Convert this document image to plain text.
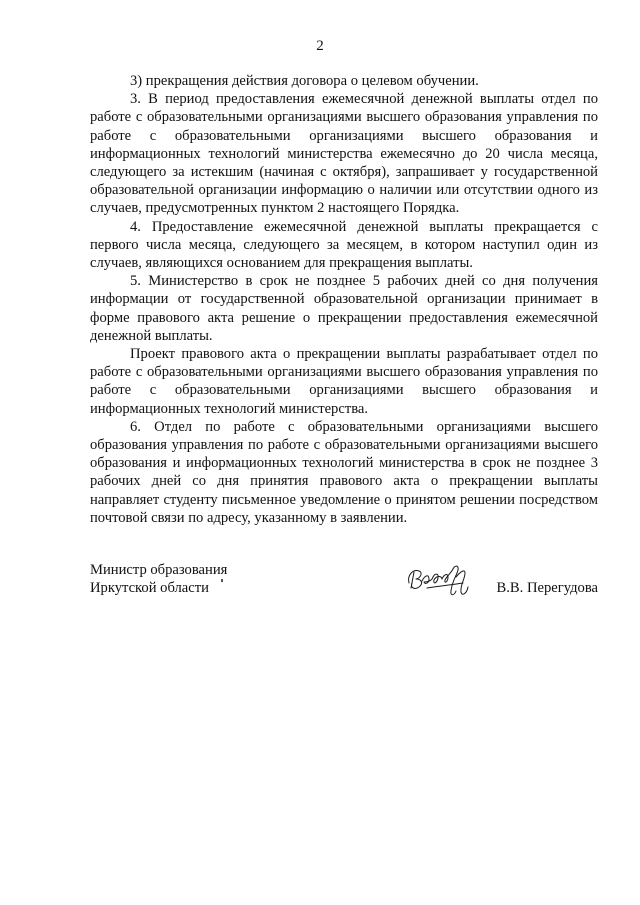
2

3) прекращения действия договора о целевом обучении.

3. В период предоставления ежемесячной денежной выплаты отдел по работе с образовательными организациями высшего образования управления по работе с образовательными организациями высшего образования и информационных технологий министерства ежемесячно до 20 числа месяца, следующего за истекшим (начиная с октября), запрашивает у государственной образовательной организации информацию о наличии или отсутствии одного из случаев, предусмотренных пунктом 2 настоящего Порядка.

4. Предоставление ежемесячной денежной выплаты прекращается с первого числа месяца, следующего за месяцем, в котором наступил один из случаев, являющихся основанием для прекращения выплаты.

5. Министерство в срок не позднее 5 рабочих дней со дня получения информации от государственной образовательной организации принимает в форме правового акта решение о прекращении предоставления ежемесячной денежной выплаты.

Проект правового акта о прекращении выплаты разрабатывает отдел по работе с образовательными организациями высшего образования управления по работе с образовательными организациями высшего образования и информационных технологий министерства.

6. Отдел по работе с образовательными организациями высшего образования управления по работе с образовательными организациями высшего образования и информационных технологий министерства в срок не позднее 3 рабочих дней со дня принятия правового акта о прекращении выплаты направляет студенту письменное уведомление о принятом решении посредством почтовой связи по адресу, указанному в заявлении.

Министр образования
Иркутской области	В.В. Перегудова
